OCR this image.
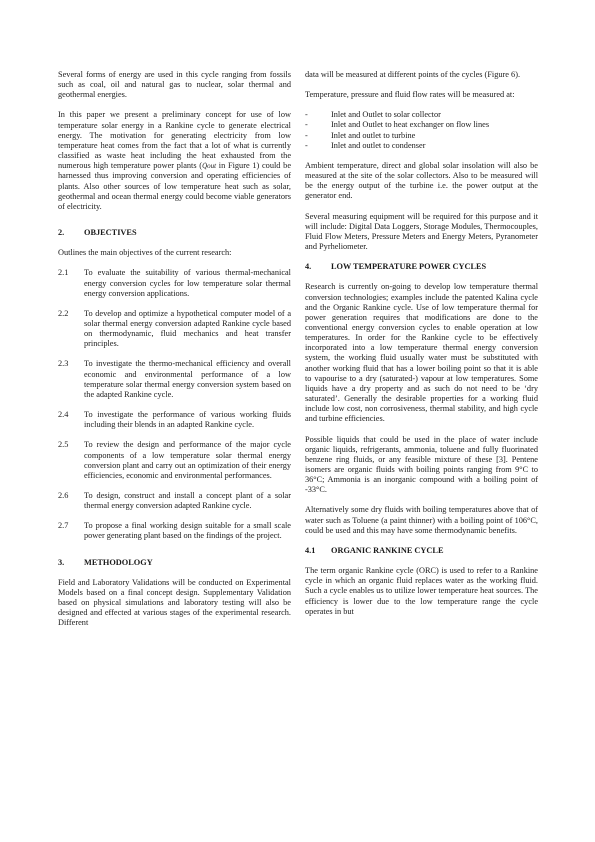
Several forms of energy are used in this cycle ranging from fossils such as coal, oil and natural gas to nuclear, solar thermal and geothermal energies.

In this paper we present a preliminary concept for use of low temperature solar energy in a Rankine cycle to generate electrical energy. The motivation for generating electricity from low temperature heat comes from the fact that a lot of what is currently classified as waste heat including the heat exhausted from the numerous high temperature power plants (Q̇out in Figure 1) could be harnessed thus improving conversion and operating efficiencies of plants. Also other sources of low temperature heat such as solar, geothermal and ocean thermal energy could become viable generators of electricity.

2.	OBJECTIVES

Outlines the main objectives of the current research:

2.1	To evaluate the suitability of various thermal-mechanical energy conversion cycles for low temperature solar thermal energy conversion applications.
2.2	To develop and optimize a hypothetical computer model of a solar thermal energy conversion adapted Rankine cycle based on thermodynamic, fluid mechanics and heat transfer principles.
2.3	To investigate the thermo-mechanical efficiency and overall economic and environmental performance of a low temperature solar thermal energy conversion system based on the adapted Rankine cycle.
2.4	To investigate the performance of various working fluids including their blends in an adapted Rankine cycle.
2.5	To review the design and performance of the major cycle components of a low temperature solar thermal energy conversion plant and carry out an optimization of their energy efficiencies, economic and environmental performances.
2.6	To design, construct and install a concept plant of a solar thermal energy conversion adapted Rankine cycle.
2.7	To propose a final working design suitable for a small scale power generating plant based on the findings of the project.
3.	METHODOLOGY

Field and Laboratory Validations will be conducted on Experimental Models based on a final concept design. Supplementary Validation based on physical simulations and laboratory testing will also be designed and effected at various stages of the experimental research. Different

data will be measured at different points of the cycles (Figure 6).

Temperature, pressure and fluid flow rates will be measured at:

-	Inlet and Outlet to solar collector
-	Inlet and Outlet to heat exchanger on flow lines
-	Inlet and outlet to turbine
-	Inlet and outlet to condenser

Ambient temperature, direct and global solar insolation will also be measured at the site of the solar collectors. Also to be measured will be the energy output of the turbine i.e. the power output at the generator end.

Several measuring equipment will be required for this purpose and it will include: Digital Data Loggers, Storage Modules, Thermocouples, Fluid Flow Meters, Pressure Meters and Energy Meters, Pyranometer and Pyrheliometer.

4.	LOW TEMPERATURE POWER CYCLES

Research is currently on-going to develop low temperature thermal conversion technologies; examples include the patented Kalina cycle and the Organic Rankine cycle. Use of low temperature thermal for power generation requires that modifications are done to the conventional energy conversion cycles to enable operation at low temperatures. In order for the Rankine cycle to be effectively incorporated into a low temperature thermal energy conversion system, the working fluid usually water must be substituted with another working fluid that has a lower boiling point so that it is able to vapourise to a dry (saturated-) vapour at low temperatures. Some liquids have a dry property and as such do not need to be ‘dry saturated’. Generally the desirable properties for a working fluid include low cost, non corrosiveness, thermal stability, and high cycle and turbine efficiencies.

Possible liquids that could be used in the place of water include organic liquids, refrigerants, ammonia, toluene and fully fluorinated benzene ring fluids, or any feasible mixture of these [3]. Pentene isomers are organic fluids with boiling points ranging from 9°C to 36°C; Ammonia is an inorganic compound with a boiling point of -33°C.

Alternatively some dry fluids with boiling temperatures above that of water such as Toluene (a paint thinner) with a boiling point of 106°C, could be used and this may have some thermodynamic benefits.

4.1	ORGANIC RANKINE CYCLE

The term organic Rankine cycle (ORC) is used to refer to a Rankine cycle in which an organic fluid replaces water as the working fluid. Such a cycle enables us to utilize lower temperature heat sources. The efficiency is lower due to the low temperature range the cycle operates in but
